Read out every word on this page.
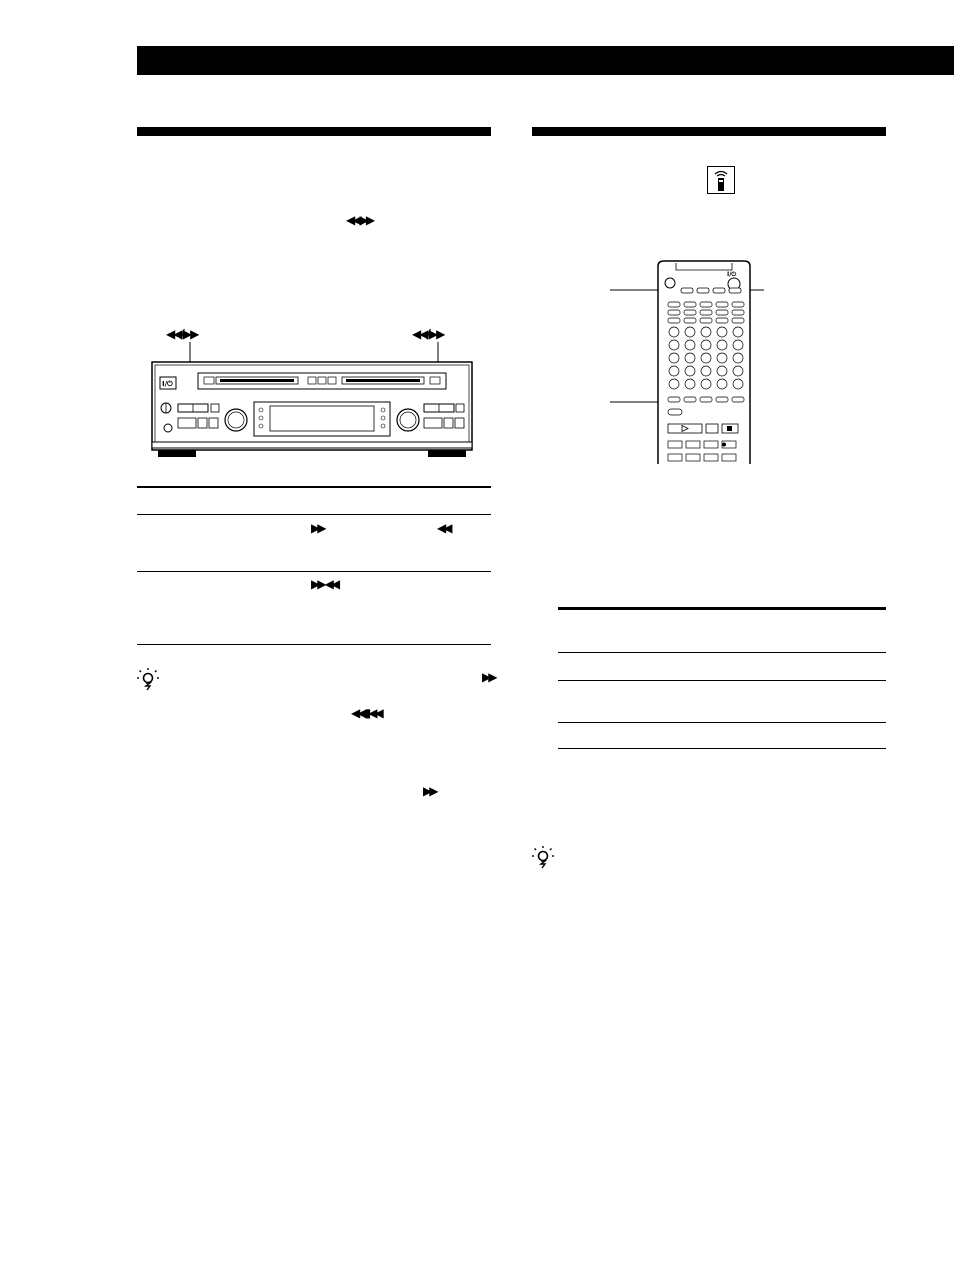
◀◀ ▶▶
◀◀/▶▶	◀◀/▶▶
I/⏻
▶▶	◀◀
▶▶ ◀◀
▶▶
◀◀ ▮◀◀
▶▶
I/⏻
